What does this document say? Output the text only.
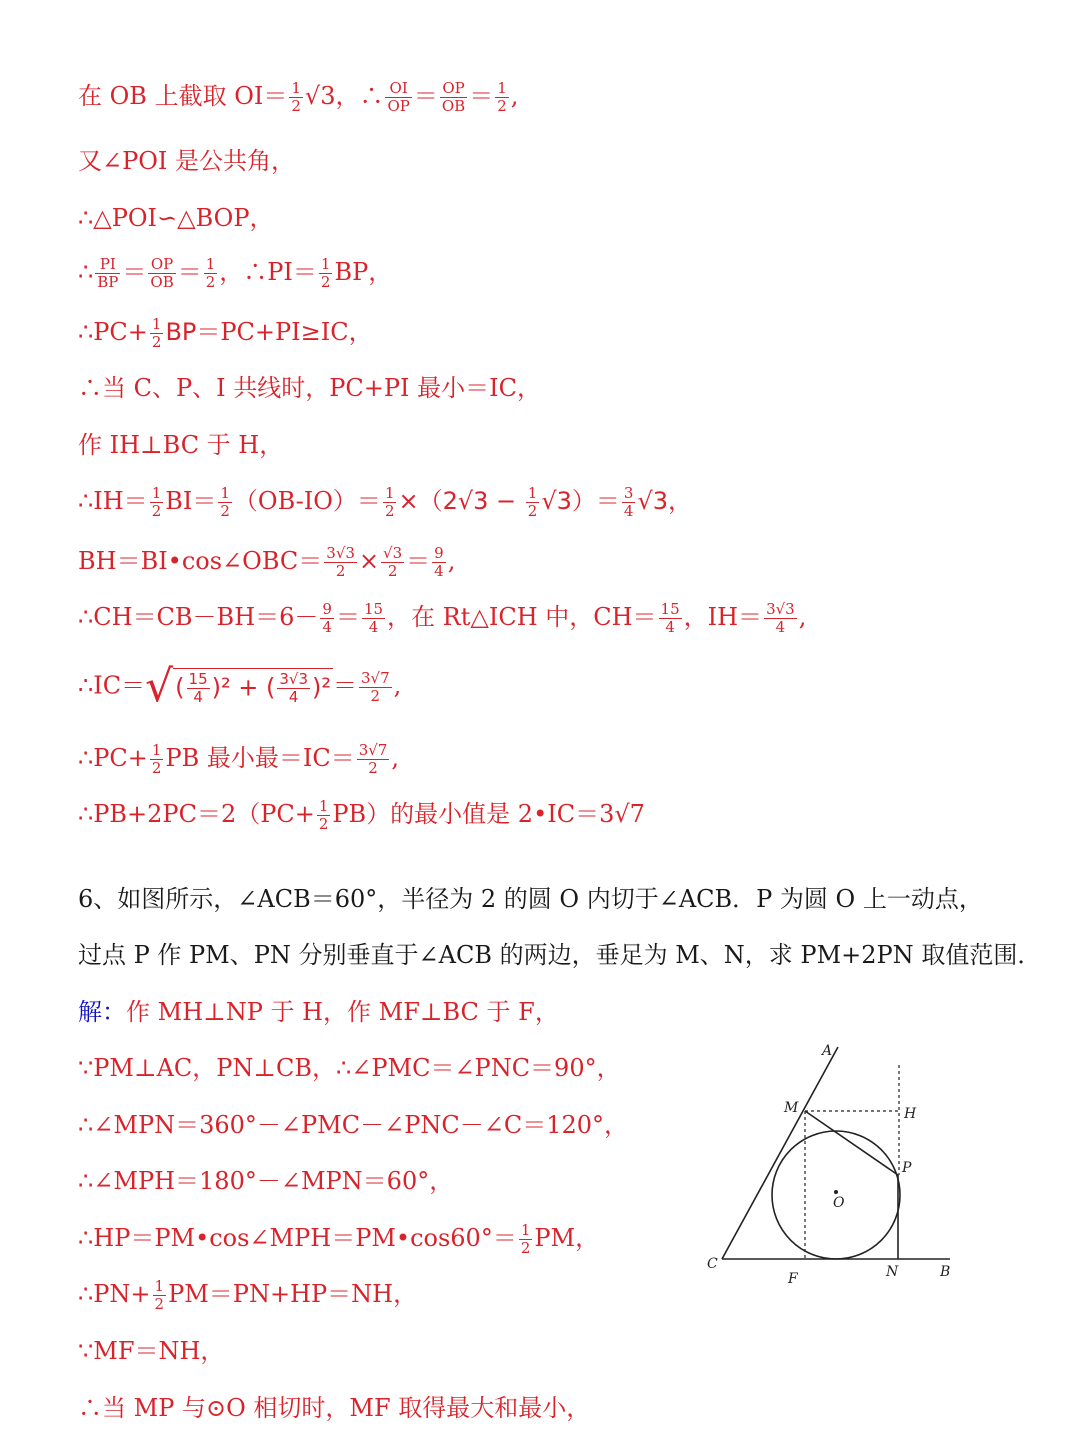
在 OB 上截取 $OI= \frac{1}{2} √3$，∴ $\frac{OI}{OP} = \frac{OP}{OB} = \frac{1}{2}$ ,
又∠POI 是公共角，
∴△POI∽△BOP，
∴ $\frac{PI}{BP} = \frac{OP}{OB} = \frac{1}{2}$ ，∴PI＝ $\frac{1}{2}$ BP，
∴PC+ $\frac{1}{2} BP=PC+PI\ge IC$，
∴当 C、P、I 共线时，PC+PI 最小＝IC，
作 IH⊥BC 于 H，
∴IH＝ $\frac{1}{2} BI= \frac{1}{2} (OB-IO)= \frac{1}{2} \times(2√3 - \frac{1}{2} √3)= \frac{3}{4} √3$，
BH＝BI•cos∠OBC＝ $\frac{3√3}{2} \times \frac{√3}{2} = \frac{9}{4}$ ,
∴CH＝CB－BH＝6－ $\frac{9}{4} = \frac{15}{4}$ ，在 Rt△ICH 中，$CH= \frac{15}{4}$ ，$IH= \frac{3√3}{4}$ ,
∴IC＝√( $\frac{15}{4} )^2$ + ( $\frac{3√3}{4} )^2= \frac{3√7}{2}$ ,
∴PC+ $\frac{1}{2}$ PB 最小最$=IC= \frac{3√7}{2}$ ,
∴PB+2PC＝2（PC+ $\frac{1}{2} PB$）的最小值是 2•IC＝3√7
6、如图所示，∠ACB＝60°，半径为 2 的圆 O 内切于∠ACB．P 为圆 O 上一动点，
过点 P 作 PM、PN 分别垂直于∠ACB 的两边，垂足为 M、N，求 PM+2PN 取值范围．
解：作 MH⊥NP 于 H，作 MF⊥BC 于 F，
∵PM⊥AC，PN⊥CB，∴∠PMC＝∠PNC＝90°，
∴∠MPN＝360°－∠PMC－∠PNC－∠C＝120°，
∴∠MPH＝180°－∠MPN＝60°，
∴HP＝PM•cos∠MPH＝PM•cos60°＝ $\frac{1}{2}$ PM，
∴PN+ $\frac{1}{2} PM=PN+HP=NH$，
∵MF＝NH，
∴当 MP 与⊙O 相切时，MF 取得最大和最小，
A
M	H
P
O
C
F	N	B
